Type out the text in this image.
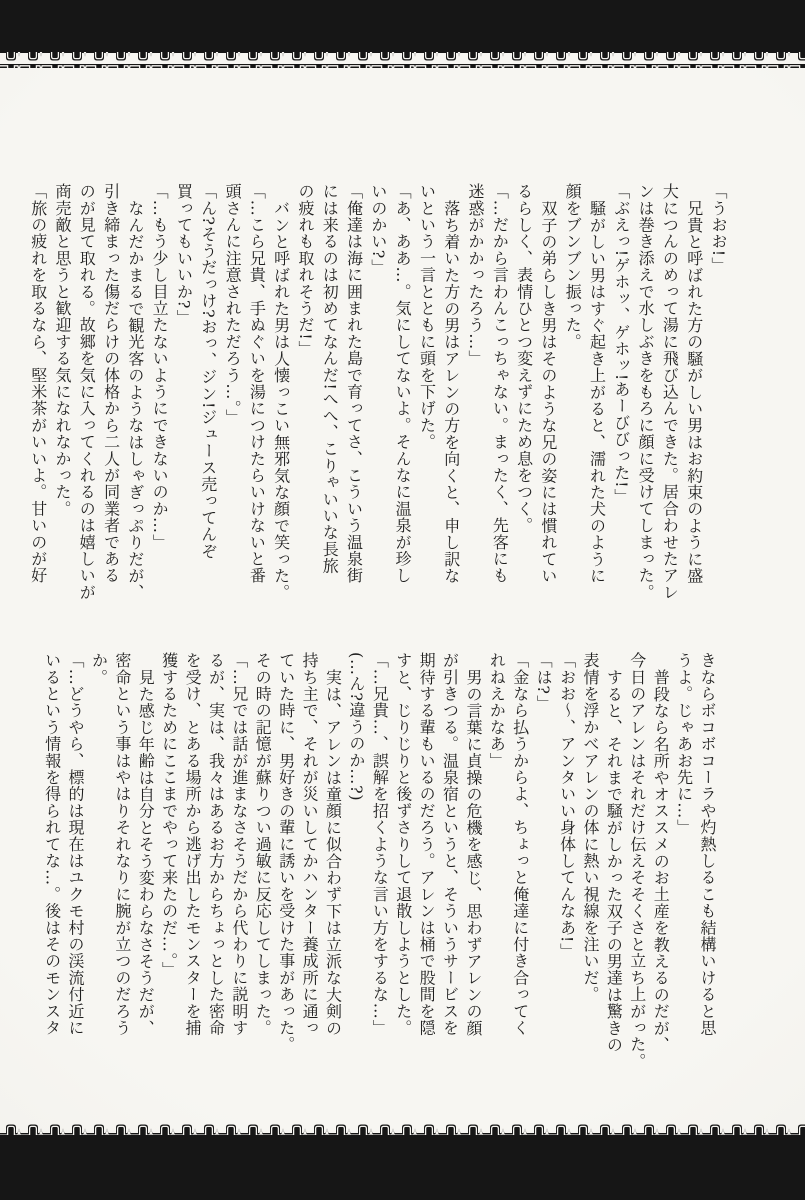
「うおお!」
兄貴と呼ばれた方の騒がしい男はお約束のように盛
大につんのめって湯に飛び込んできた。居合わせたアレ
ンは巻き添えで水しぶきをもろに顔に受けてしまった。
「ぶえっ!ゲホッ、ゲホッ!あーびびった!」
騒がしい男はすぐ起き上がると、濡れた犬のように
顔をブンブン振った。
双子の弟らしき男はそのような兄の姿には慣れてい
るらしく、表情ひとつ変えずにため息をつく。
「…だから言わんこっちゃない。まったく、先客にも
迷惑がかかったろう…」
落ち着いた方の男はアレンの方を向くと、申し訳な
いという一言とともに頭を下げた。
「あ、ああ…。気にしてないよ。そんなに温泉が珍し
いのかい?」
「俺達は海に囲まれた島で育ってさ、こういう温泉街
には来るのは初めてなんだ!へへ、こりゃいいな長旅
の疲れも取れそうだ!」
バンと呼ばれた男は人懐っこい無邪気な顔で笑った。
「…こら兄貴、手ぬぐいを湯につけたらいけないと番
頭さんに注意されただろう…。」
「ん?そうだっけ?おっ、ジン!ジュース売ってんぞ
買ってもいいか?」
「…もう少し目立たないようにできないのか…」
なんだかまるで観光客のようなはしゃぎっぷりだが、
引き締まった傷だらけの体格から二人が同業者である
のが見て取れる。故郷を気に入ってくれるのは嬉しいが
商売敵と思うと歓迎する気になれなかった。
「旅の疲れを取るなら、堅米茶がいいよ。甘いのが好
きならボコボコーラや灼熱しるこも結構いけると思
うよ。じゃあお先に…」
普段なら名所やオススメのお土産を教えるのだが、
今日のアレンはそれだけ伝えそそくさと立ち上がった。
すると、それまで騒がしかった双子の男達は驚きの
表情を浮かべアレンの体に熱い視線を注いだ。
「おお〜、アンタいい身体してんなあ!」
「は?」
「金なら払うからよ、ちょっと俺達に付き合ってく
れねえかなあ」
男の言葉に貞操の危機を感じ、思わずアレンの顔
が引きつる。温泉宿というと、そういうサービスを
期待する輩もいるのだろう。アレンは桶で股間を隠
すと、じりじりと後ずさりして退散しようとした。
「…兄貴…、誤解を招くような言い方をするな…」
(…ん?違うのか…?)
実は、アレンは童顔に似合わず下は立派な大剣の
持ち主で、それが災いしてかハンター養成所に通っ
ていた時に、男好きの輩に誘いを受けた事があった。
その時の記憶が蘇りつい過敏に反応してしまった。
「…兄では話が進まなさそうだから代わりに説明す
るが、実は、我々はあるお方からちょっとした密命
を受け、とある場所から逃げ出したモンスターを捕
獲するためにここまでやって来たのだ…。」
見た感じ年齢は自分とそう変わらなさそうだが、
密命という事はやはりそれなりに腕が立つのだろう
か。
「…どうやら、標的は現在はユクモ村の渓流付近に
いるという情報を得られてな…。後はそのモンスタ
